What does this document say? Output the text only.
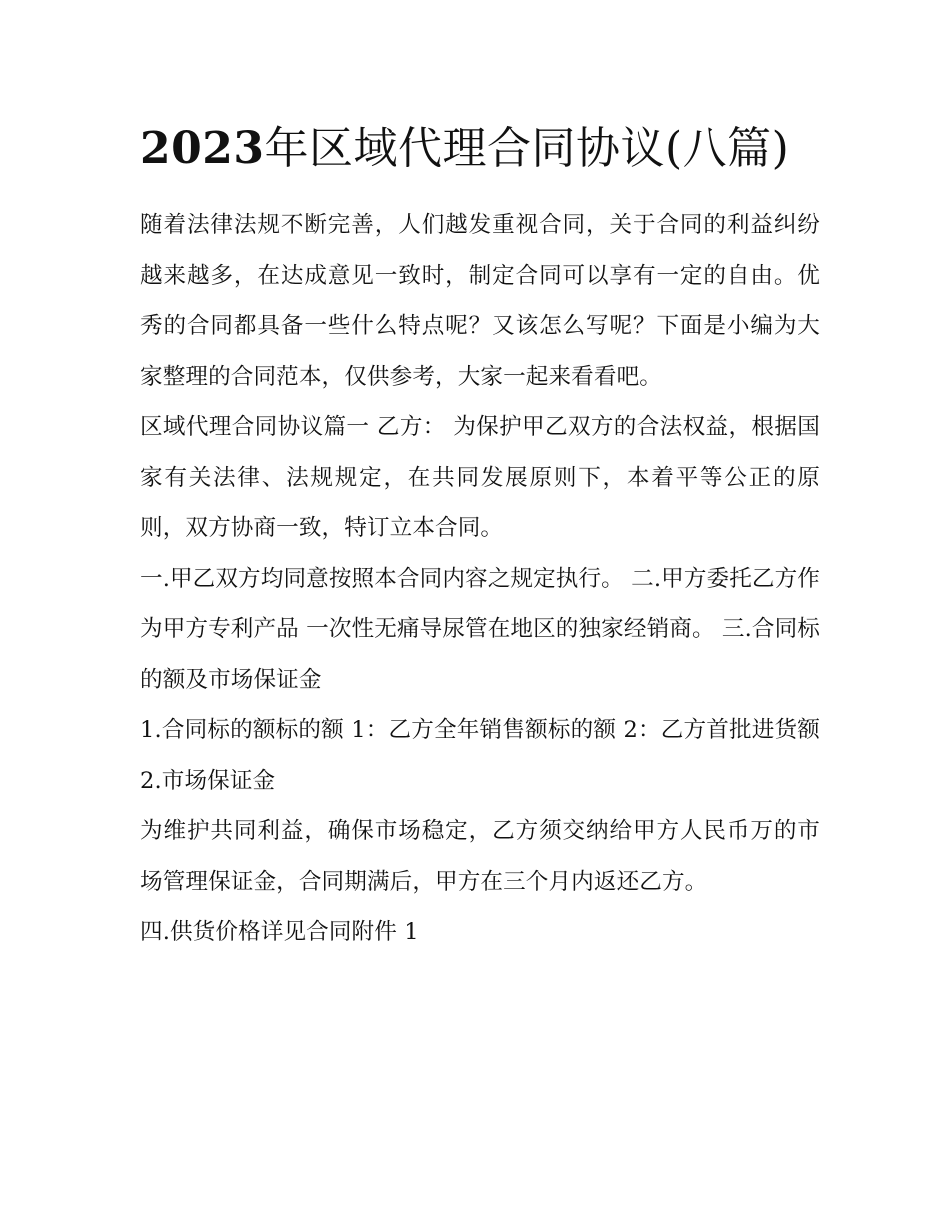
2023年区域代理合同协议(八篇)

随着法律法规不断完善，人们越发重视合同，关于合同的利益纠纷越来越多，在达成意见一致时，制定合同可以享有一定的自由。优秀的合同都具备一些什么特点呢？又该怎么写呢？下面是小编为大家整理的合同范本，仅供参考，大家一起来看看吧。

区域代理合同协议篇一 乙方： 为保护甲乙双方的合法权益，根据国家有关法律、法规规定，在共同发展原则下，本着平等公正的原则，双方协商一致，特订立本合同。

一.甲乙双方均同意按照本合同内容之规定执行。 二.甲方委托乙方作为甲方专利产品 一次性无痛导尿管在地区的独家经销商。 三.合同标的额及市场保证金

1.合同标的额标的额 1：乙方全年销售额标的额 2：乙方首批进货额 2.市场保证金

为维护共同利益，确保市场稳定，乙方须交纳给甲方人民币万的市场管理保证金，合同期满后，甲方在三个月内返还乙方。

四.供货价格详见合同附件 1
